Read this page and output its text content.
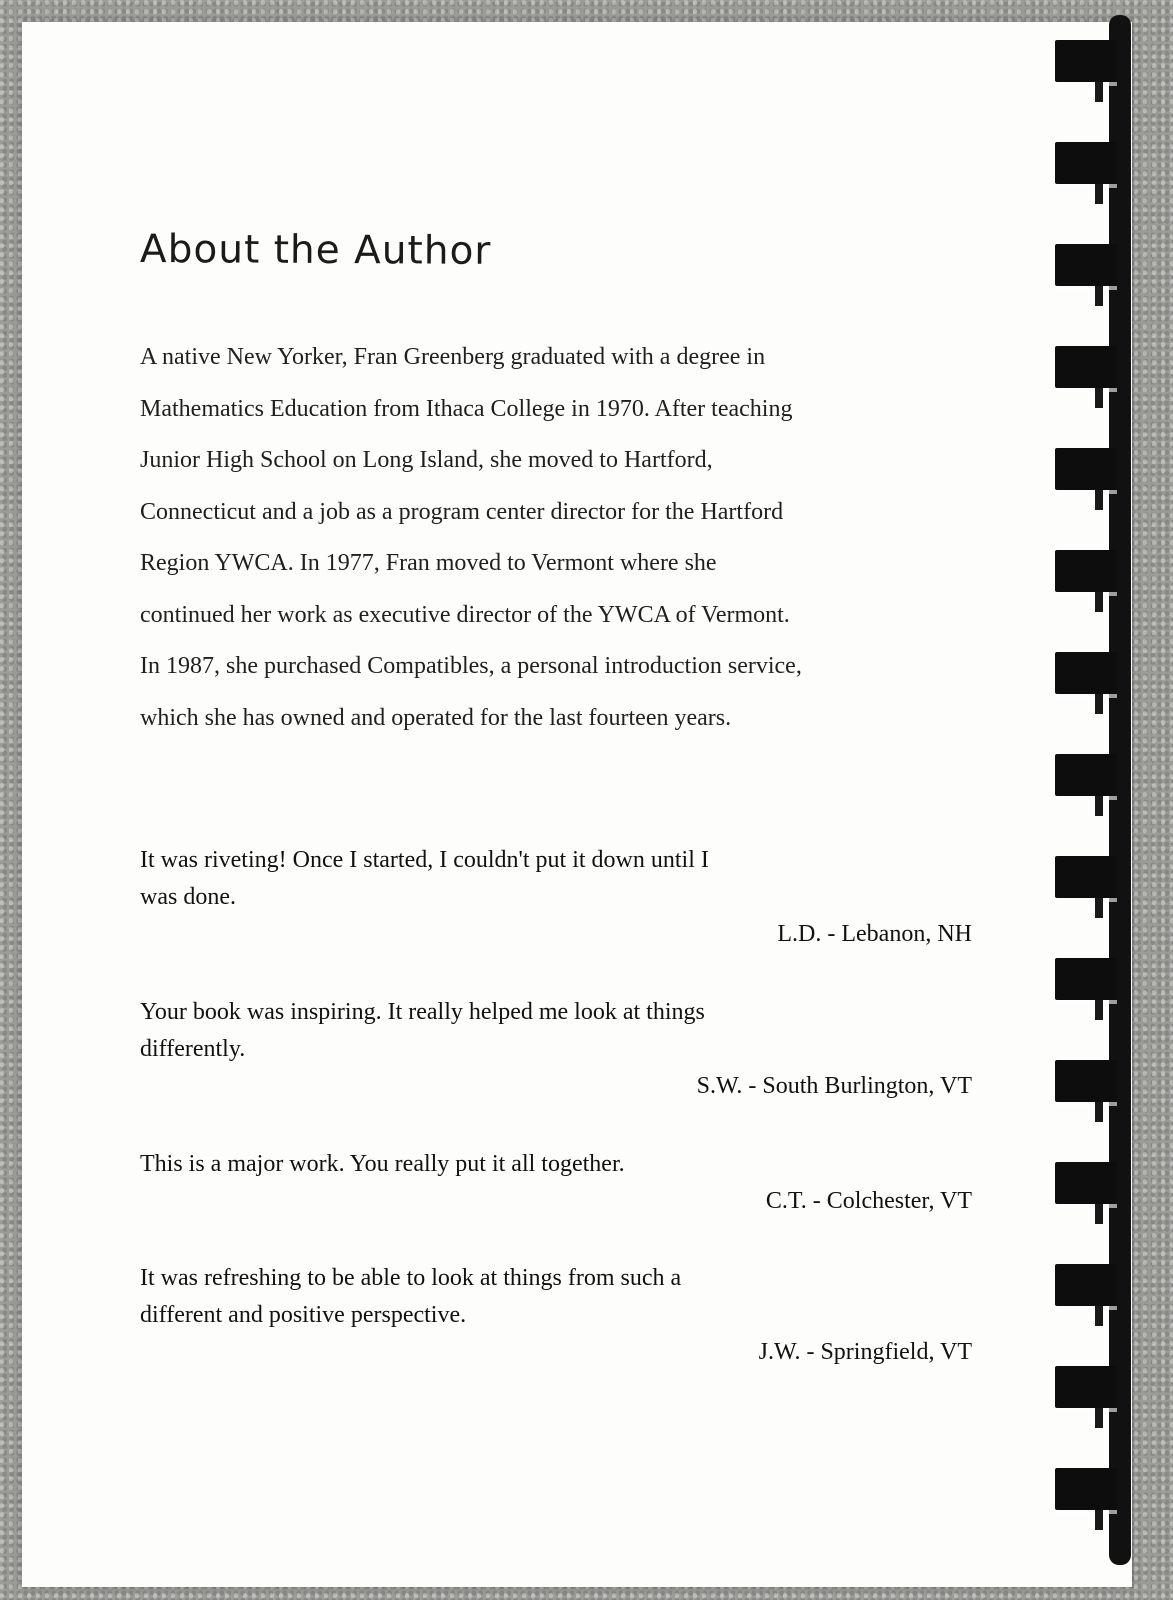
About the Author
A native New Yorker, Fran Greenberg graduated with a degree in
Mathematics Education from Ithaca College in 1970. After teaching
Junior High School on Long Island, she moved to Hartford,
Connecticut and a job as a program center director for the Hartford
Region YWCA. In 1977, Fran moved to Vermont where she
continued her work as executive director of the YWCA of Vermont.
In 1987, she purchased Compatibles, a personal introduction service,
which she has owned and operated for the last fourteen years.
It was riveting! Once I started, I couldn't put it down until I
was done.
L.D. - Lebanon, NH
Your book was inspiring. It really helped me look at things
differently.
S.W. - South Burlington, VT
This is a major work. You really put it all together.
C.T. - Colchester, VT
It was refreshing to be able to look at things from such a
different and positive perspective.
J.W. - Springfield, VT
